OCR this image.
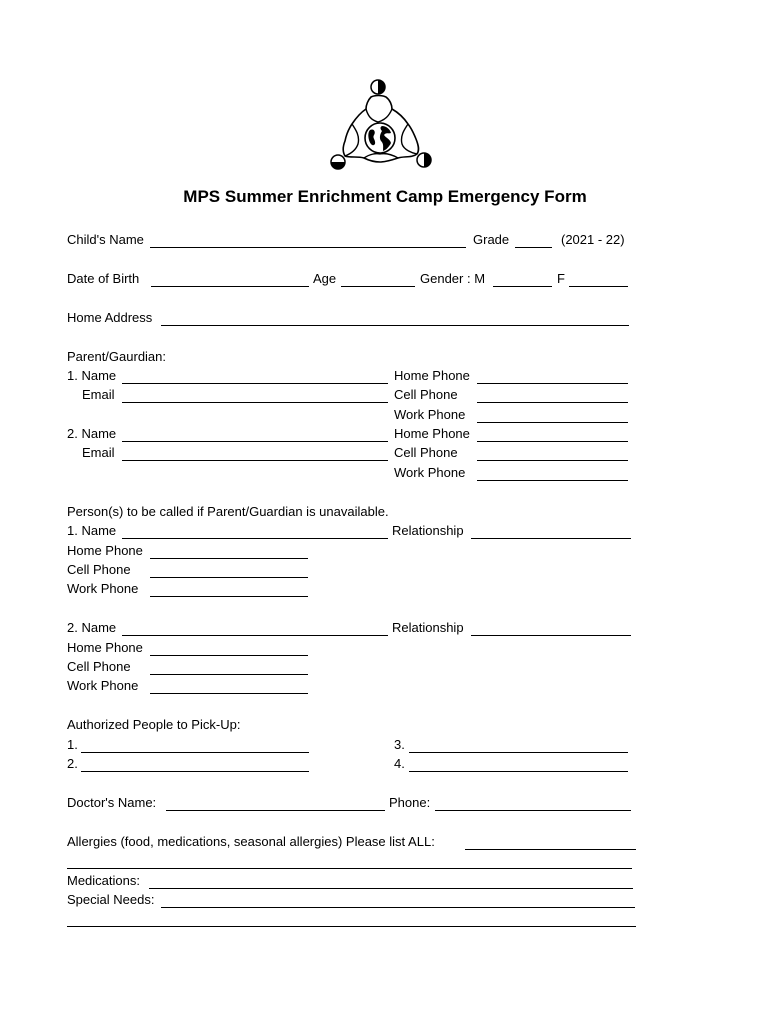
MPS Summer Enrichment Camp Emergency Form
Child's Name	Grade	(2021 - 22)
Date of Birth	Age	Gender : M	F
Home Address
Parent/Gaurdian:
1. Name	Home Phone
Email	Cell Phone
Work Phone
2. Name	Home Phone
Email	Cell Phone
Work Phone
Person(s) to be called if Parent/Guardian is unavailable.
1. Name	Relationship
Home Phone
Cell Phone
Work Phone
2. Name	Relationship
Home Phone
Cell Phone
Work Phone
Authorized People to Pick-Up:
1.	3.
2.	4.
Doctor's Name:	Phone:
Allergies (food, medications, seasonal allergies) Please list ALL:
Medications:
Special Needs:
